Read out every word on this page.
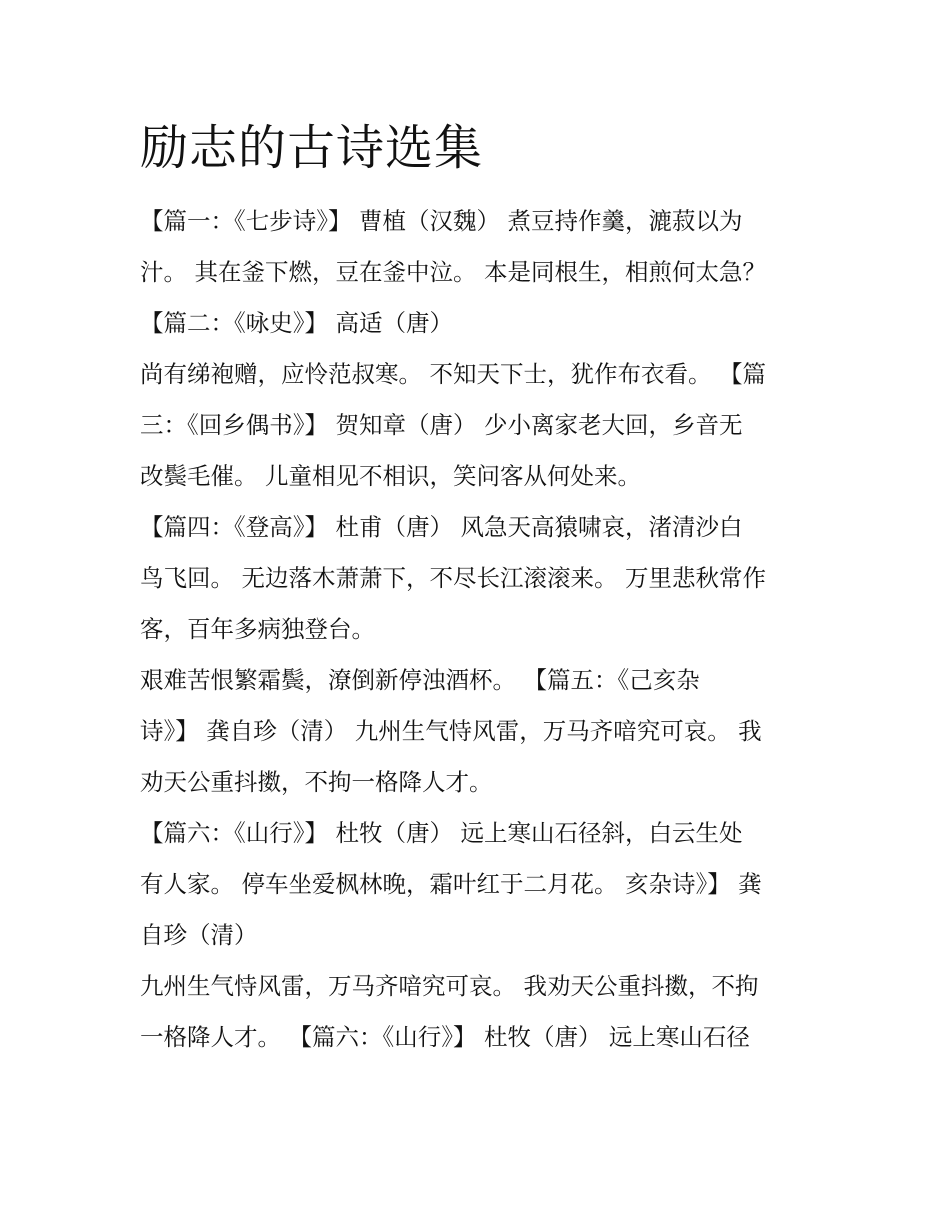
励志的古诗选集
【篇一：《七步诗》】 曹植（汉魏） 煮豆持作羹，漉菽以为
汁。 其在釜下燃，豆在釜中泣。 本是同根生，相煎何太急？
【篇二：《咏史》】 高适（唐）
尚有绨袍赠，应怜范叔寒。 不知天下士，犹作布衣看。 【篇
三：《回乡偶书》】 贺知章（唐） 少小离家老大回，乡音无
改鬓毛催。 儿童相见不相识，笑问客从何处来。
【篇四：《登高》】 杜甫（唐） 风急天高猿啸哀，渚清沙白
鸟飞回。 无边落木萧萧下，不尽长江滚滚来。 万里悲秋常作
客，百年多病独登台。
艰难苦恨繁霜鬓，潦倒新停浊酒杯。 【篇五：《己亥杂
诗》】 龚自珍（清） 九州生气恃风雷，万马齐喑究可哀。 我
劝天公重抖擞，不拘一格降人才。
【篇六：《山行》】 杜牧（唐） 远上寒山石径斜，白云生处
有人家。 停车坐爱枫林晚，霜叶红于二月花。 亥杂诗》】 龚
自珍（清）
九州生气恃风雷，万马齐喑究可哀。 我劝天公重抖擞，不拘
一格降人才。 【篇六：《山行》】 杜牧（唐） 远上寒山石径
